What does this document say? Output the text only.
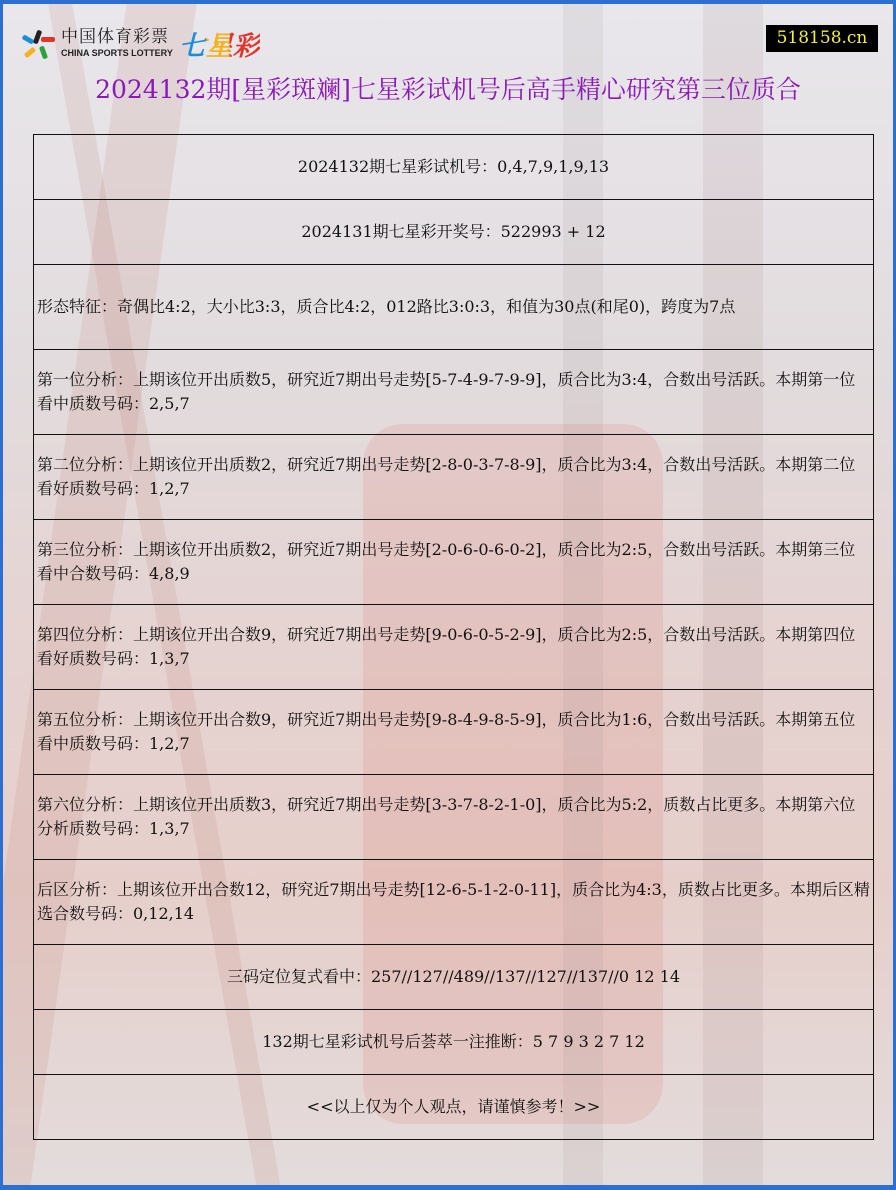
中国体育彩票
CHINA SPORTS LOTTERY 七星彩	518158.cn
2024132期[星彩斑斓]七星彩试机号后高手精心研究第三位质合
2024132期七星彩试机号：0,4,7,9,1,9,13
2024131期七星彩开奖号：522993 + 12
形态特征：奇偶比4:2，大小比3:3，质合比4:2，012路比3:0:3，和值为30点(和尾0)，跨度为7点
第一位分析：上期该位开出质数5，研究近7期出号走势[5-7-4-9-7-9-9]，质合比为3:4，合数出号活跃。本期第一位看中质数号码：2,5,7
第二位分析：上期该位开出质数2，研究近7期出号走势[2-8-0-3-7-8-9]，质合比为3:4，合数出号活跃。本期第二位看好质数号码：1,2,7
第三位分析：上期该位开出质数2，研究近7期出号走势[2-0-6-0-6-0-2]，质合比为2:5，合数出号活跃。本期第三位看中合数号码：4,8,9
第四位分析：上期该位开出合数9，研究近7期出号走势[9-0-6-0-5-2-9]，质合比为2:5，合数出号活跃。本期第四位看好质数号码：1,3,7
第五位分析：上期该位开出合数9，研究近7期出号走势[9-8-4-9-8-5-9]，质合比为1:6，合数出号活跃。本期第五位看中质数号码：1,2,7
第六位分析：上期该位开出质数3，研究近7期出号走势[3-3-7-8-2-1-0]，质合比为5:2，质数占比更多。本期第六位分析质数号码：1,3,7
后区分析：上期该位开出合数12，研究近7期出号走势[12-6-5-1-2-0-11]，质合比为4:3，质数占比更多。本期后区精选合数号码：0,12,14
三码定位复式看中：257//127//489//137//127//137//0 12 14
132期七星彩试机号后荟萃一注推断：5 7 9 3 2 7 12
<<以上仅为个人观点，请谨慎参考！>>
